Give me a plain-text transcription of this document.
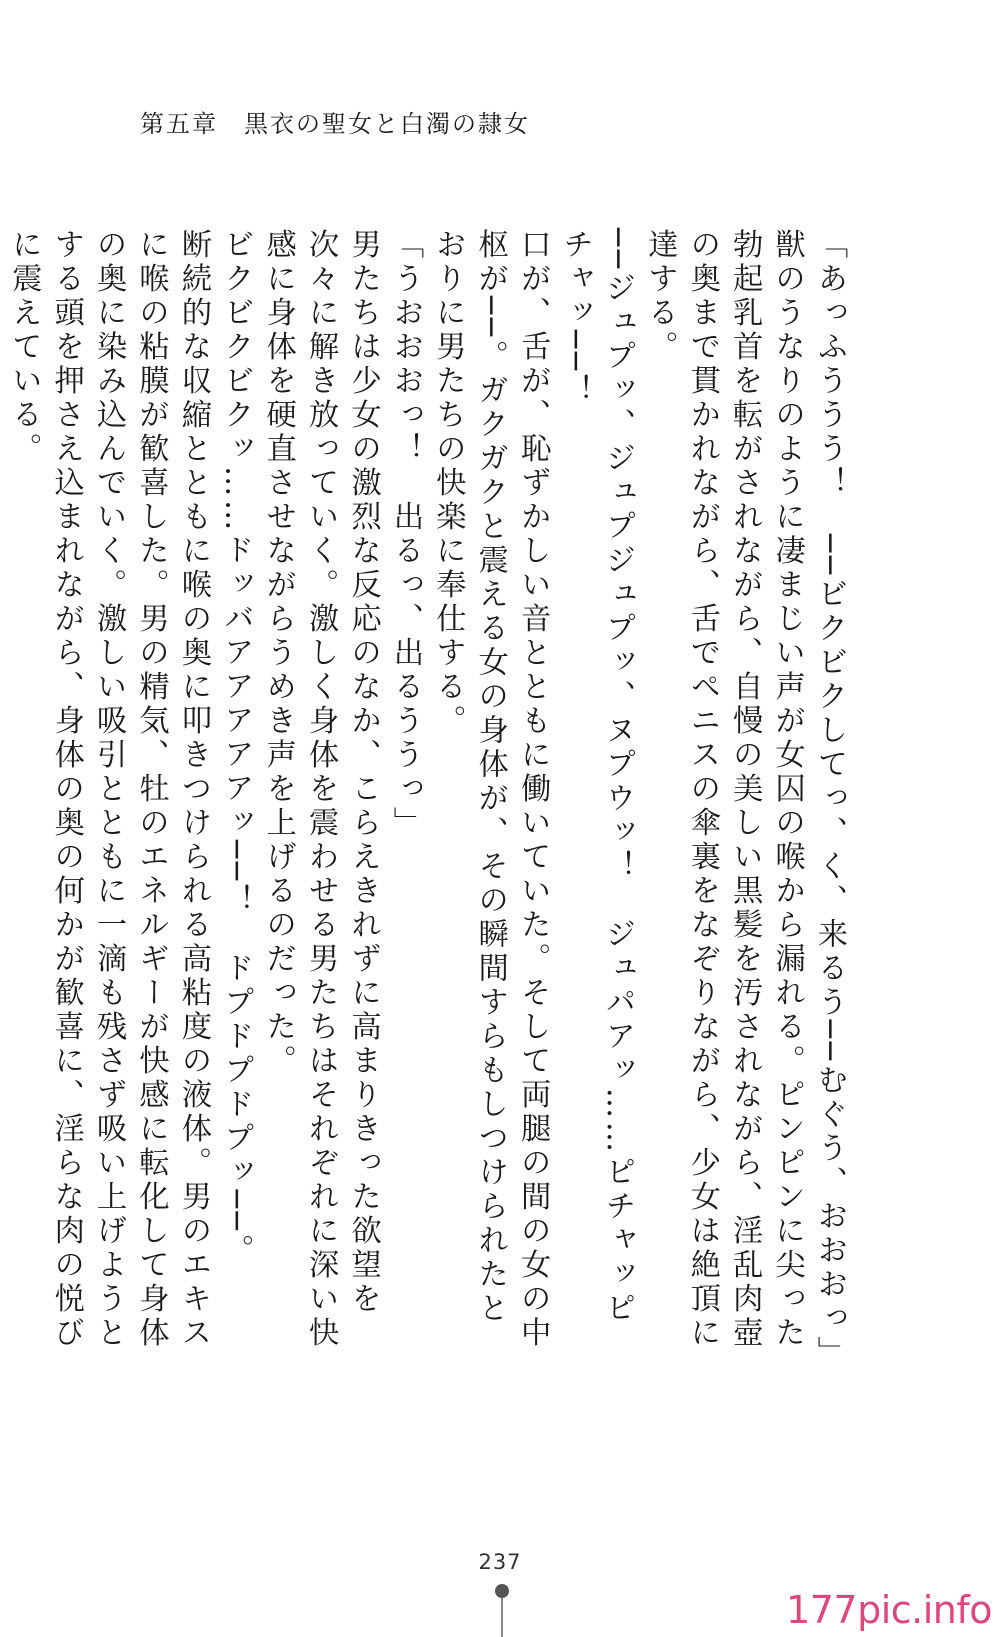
第五章　黒衣の聖女と白濁の隷女

「あっふううう！　──ビクビクしてっ、く、来るう──むぐう、おおおっ」

獣のうなりのように凄まじい声が女囚の喉から漏れる。ピンピンに尖った勃起乳首を転がされながら、自慢の美しい黒髪を汚されながら、淫乱肉壺の奥まで貫かれながら、舌でペニスの傘裏をなぞりながら、少女は絶頂に達する。

──ジュプッ、ジュプジュプッ、ヌプウッ！　ジュパアッ……ピチャッピチャッ──！

口が、舌が、恥ずかしい音とともに働いていた。そして両腿の間の女の中枢が──。ガクガクと震える女の身体が、その瞬間すらもしつけられたとおりに男たちの快楽に奉仕する。

「うおおおっ！　出るっ、出るううっ」

男たちは少女の激烈な反応のなか、こらえきれずに高まりきった欲望を次々に解き放っていく。激しく身体を震わせる男たちはそれぞれに深い快感に身体を硬直させながらうめき声を上げるのだった。

ビクビクビクッ……ドッバアアアアアッ──！　ドプドプドプッ──。

断続的な収縮とともに喉の奥に叩きつけられる高粘度の液体。男のエキスに喉の粘膜が歓喜した。男の精気、牡のエネルギーが快感に転化して身体の奥に染み込んでいく。激しい吸引とともに一滴も残さず吸い上げようとする頭を押さえ込まれながら、身体の奥の何かが歓喜に、淫らな肉の悦びに震えている。

237
177pic.info
